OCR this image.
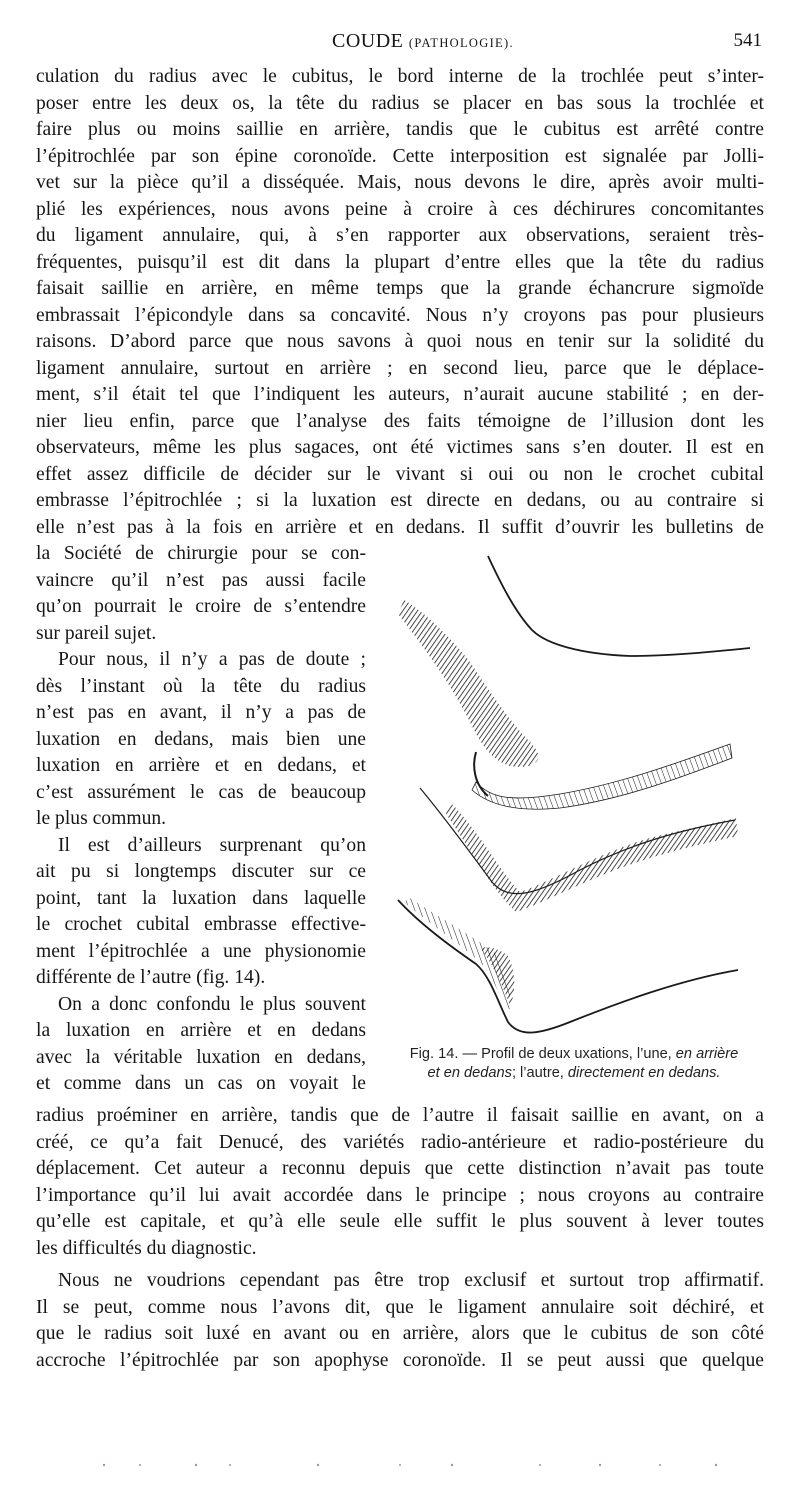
COUDE (PATHOLOGIE).	541
culation du radius avec le cubitus, le bord interne de la trochlée peut s’inter-
poser entre les deux os, la tête du radius se placer en bas sous la trochlée et
faire plus ou moins saillie en arrière, tandis que le cubitus est arrêté contre
l’épitrochlée par son épine coronoïde. Cette interposition est signalée par Jolli-
vet sur la pièce qu’il a disséquée. Mais, nous devons le dire, après avoir multi-
plié les expériences, nous avons peine à croire à ces déchirures concomitantes
du ligament annulaire, qui, à s’en rapporter aux observations, seraient très-
fréquentes, puisqu’il est dit dans la plupart d’entre elles que la tête du radius
faisait saillie en arrière, en même temps que la grande échancrure sigmoïde
embrassait l’épicondyle dans sa concavité. Nous n’y croyons pas pour plusieurs
raisons. D’abord parce que nous savons à quoi nous en tenir sur la solidité du
ligament annulaire, surtout en arrière ; en second lieu, parce que le déplace-
ment, s’il était tel que l’indiquent les auteurs, n’aurait aucune stabilité ; en der-
nier lieu enfin, parce que l’analyse des faits témoigne de l’illusion dont les
observateurs, même les plus sagaces, ont été victimes sans s’en douter. Il est en
effet assez difficile de décider sur le vivant si oui ou non le crochet cubital
embrasse l’épitrochlée ; si la luxation est directe en dedans, ou au contraire si
elle n’est pas à la fois en arrière et en dedans. Il suffit d’ouvrir les bulletins de
la Société de chirurgie pour se con-
vaincre qu’il n’est pas aussi facile
qu’on pourrait le croire de s’entendre
sur pareil sujet.
Pour nous, il n’y a pas de doute ;
dès l’instant où la tête du radius
n’est pas en avant, il n’y a pas de
luxation en dedans, mais bien une
luxation en arrière et en dedans, et
c’est assurément le cas de beaucoup
le plus commun.
Il est d’ailleurs surprenant qu’on
ait pu si longtemps discuter sur ce
point, tant la luxation dans laquelle
le crochet cubital embrasse effective-
ment l’épitrochlée a une physionomie
différente de l’autre (fig. 14).
On a donc confondu le plus souvent
la luxation en arrière et en dedans
avec la véritable luxation en dedans,
et comme dans un cas on voyait le
Fig. 14. — Profil de deux uxations, l’une, en arrière
et en dedans; l’autre, directement en dedans.
radius proéminer en arrière, tandis que de l’autre il faisait saillie en avant, on a
créé, ce qu’a fait Denucé, des variétés radio-antérieure et radio-postérieure du
déplacement. Cet auteur a reconnu depuis que cette distinction n’avait pas toute
l’importance qu’il lui avait accordée dans le principe ; nous croyons au contraire
qu’elle est capitale, et qu’à elle seule elle suffit le plus souvent à lever toutes
les difficultés du diagnostic.
Nous ne voudrions cependant pas être trop exclusif et surtout trop affirmatif.
Il se peut, comme nous l’avons dit, que le ligament annulaire soit déchiré, et
que le radius soit luxé en avant ou en arrière, alors que le cubitus de son côté
accroche l’épitrochlée par son apophyse coronoïde. Il se peut aussi que quelque
